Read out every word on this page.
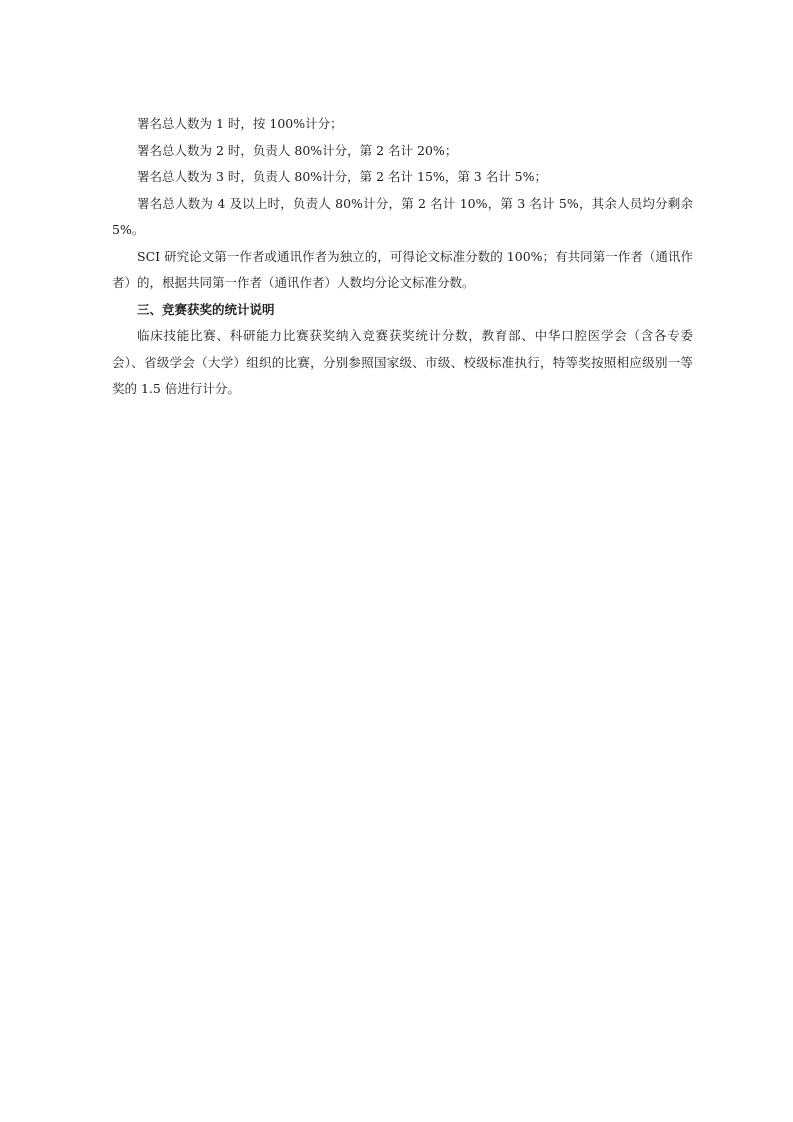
署名总人数为 1 时，按 100%计分；

署名总人数为 2 时，负责人 80%计分，第 2 名计 20%；

署名总人数为 3 时，负责人 80%计分，第 2 名计 15%，第 3 名计 5%；

署名总人数为 4 及以上时，负责人 80%计分，第 2 名计 10%，第 3 名计 5%，其余人员均分剩余 5%。

SCI 研究论文第一作者或通讯作者为独立的，可得论文标准分数的 100%；有共同第一作者（通讯作者）的，根据共同第一作者（通讯作者）人数均分论文标准分数。

三、竞赛获奖的统计说明

临床技能比赛、科研能力比赛获奖纳入竞赛获奖统计分数，教育部、中华口腔医学会（含各专委会）、省级学会（大学）组织的比赛，分别参照国家级、市级、校级标准执行，特等奖按照相应级别一等奖的 1.5 倍进行计分。
